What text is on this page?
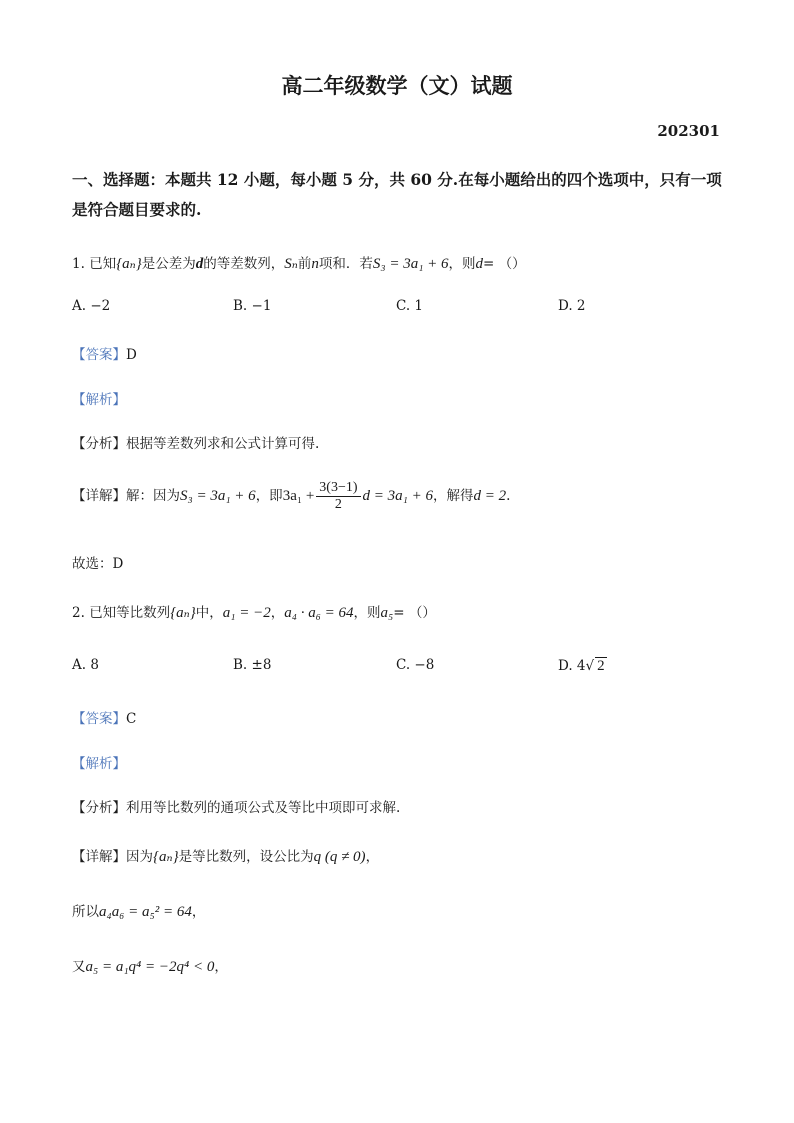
高二年级数学（文）试题
202301
一、选择题：本题共 12 小题，每小题 5 分，共 60 分.在每小题给出的四个选项中，只有一项是符合题目要求的.
1. 已知{aₙ}是公差为d的等差数列，Sₙ前n项和．若S₃ = 3a₁ + 6，则d= （）
A. −2	B. −1	C. 1	D. 2
【答案】D
【解析】
【分析】根据等差数列求和公式计算可得.
【详解】解：因为S₃ = 3a₁ + 6，即$3a_1 + \frac{3(3-1)}{2}$ d = 3a₁ + 6，解得d = 2.
故选：D
2. 已知等比数列{aₙ}中，a₁ = −2，a₄ · a₆ = 64，则a₅= （）
A. 8	B. ±8	C. −8	D. 4√ 2
【答案】C
【解析】
【分析】利用等比数列的通项公式及等比中项即可求解.
【详解】因为{aₙ}是等比数列，设公比为q (q ≠ 0)，
所以a₄a₆ = a₅² = 64，
又a₅ = a₁q⁴ = −2q⁴ < 0，
